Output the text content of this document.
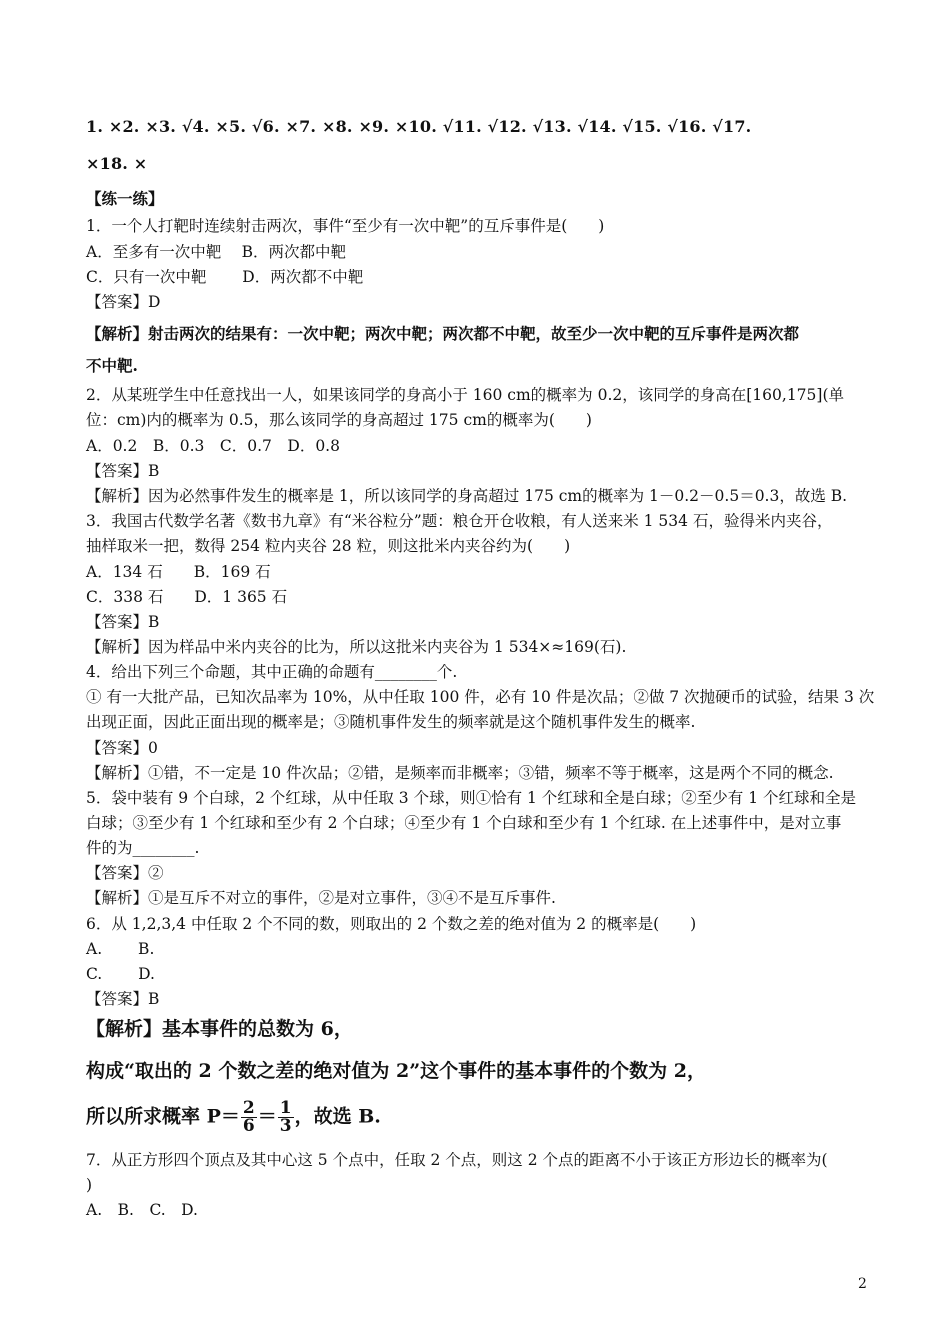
1. ×2. ×3. √4. ×5. √6. ×7. ×8. ×9. ×10. √11. √12. √13. √14. √15. √16. √17.
×18. ×
【练一练】
1．一个人打靶时连续射击两次，事件“至少有一次中靶”的互斥事件是(　　)
A．至多有一次中靶　 B．两次都中靶
C．只有一次中靶　　 D．两次都不中靶
【答案】D
【解析】射击两次的结果有：一次中靶；两次中靶；两次都不中靶，故至少一次中靶的互斥事件是两次都
不中靶.
2．从某班学生中任意找出一人，如果该同学的身高小于 160 cm的概率为 0.2，该同学的身高在[160,175](单
位：cm)内的概率为 0.5，那么该同学的身高超过 175 cm的概率为(　　)
A．0.2　B．0.3　C．0.7　D．0.8
【答案】B
【解析】因为必然事件发生的概率是 1，所以该同学的身高超过 175 cm的概率为 1－0.2－0.5＝0.3，故选 B.
3．我国古代数学名著《数书九章》有“米谷粒分”题：粮仓开仓收粮，有人送来米 1 534 石，验得米内夹谷，
抽样取米一把，数得 254 粒内夹谷 28 粒，则这批米内夹谷约为(　　)
A．134 石　　B．169 石
C．338 石　　D．1 365 石
【答案】B
【解析】因为样品中米内夹谷的比为，所以这批米内夹谷为 1 534×≈169(石).
4．给出下列三个命题，其中正确的命题有________个.
① 有一大批产品，已知次品率为 10%，从中任取 100 件，必有 10 件是次品；②做 7 次抛硬币的试验，结果 3 次
出现正面，因此正面出现的概率是；③随机事件发生的频率就是这个随机事件发生的概率.
【答案】0
【解析】①错，不一定是 10 件次品；②错，是频率而非概率；③错，频率不等于概率，这是两个不同的概念.
5．袋中装有 9 个白球，2 个红球，从中任取 3 个球，则①恰有 1 个红球和全是白球；②至少有 1 个红球和全是
白球；③至少有 1 个红球和至少有 2 个白球；④至少有 1 个白球和至少有 1 个红球. 在上述事件中，是对立事
件的为________.
【答案】②
【解析】①是互斥不对立的事件，②是对立事件，③④不是互斥事件.
6．从 1,2,3,4 中任取 2 个不同的数，则取出的 2 个数之差的绝对值为 2 的概率是(　　)
A.　　 B.
C.　　 D.
【答案】B
【解析】基本事件的总数为 6，
构成“取出的 2 个数之差的绝对值为 2”这个事件的基本事件的个数为 2，
所以所求概率 $P= \frac{2}{6} = \frac{1}{3}$ ，故选 B.
7．从正方形四个顶点及其中心这 5 个点中，任取 2 个点，则这 2 个点的距离不小于该正方形边长的概率为(
)
A.　B.　C.　D.
2
